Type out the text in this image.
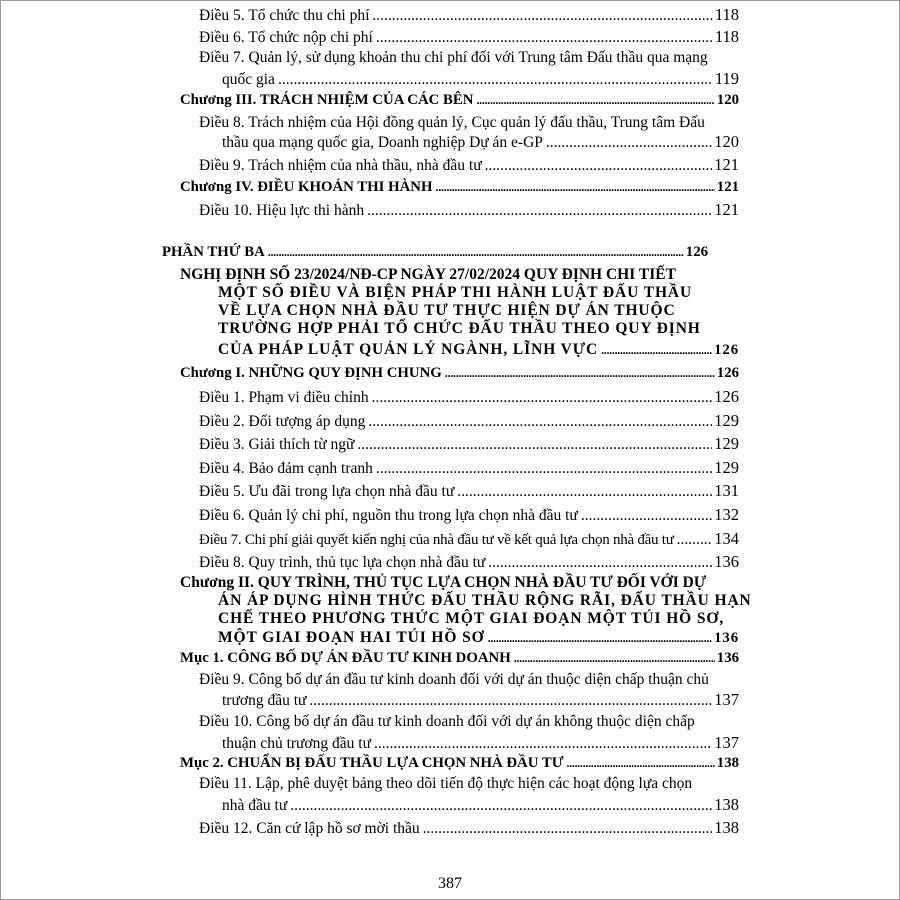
Điều 5. Tổ chức thu chi phí .....	118
Điều 6. Tổ chức nộp chi phí .....	118
Điều 7. Quản lý, sử dụng khoản thu chi phí đối với Trung tâm Đấu thầu qua mạng
quốc gia .....	119
Chương III. TRÁCH NHIỆM CỦA CÁC BÊN .....	120
Điều 8. Trách nhiệm của Hội đồng quản lý, Cục quản lý đấu thầu, Trung tâm Đấu
thầu qua mạng quốc gia, Doanh nghiệp Dự án e-GP .....	120
Điều 9. Trách nhiệm của nhà thầu, nhà đầu tư .....	121
Chương IV. ĐIỀU KHOẢN THI HÀNH .....	121
Điều 10. Hiệu lực thi hành .....	121
PHẦN THỨ BA .....	126
NGHỊ ĐỊNH SỐ 23/2024/NĐ-CP NGÀY 27/02/2024 QUY ĐỊNH CHI TIẾT
MỘT SỐ ĐIỀU VÀ BIỆN PHÁP THI HÀNH LUẬT ĐẤU THẦU
VỀ LỰA CHỌN NHÀ ĐẦU TƯ THỰC HIỆN DỰ ÁN THUỘC
TRƯỜNG HỢP PHẢI TỔ CHỨC ĐẤU THẦU THEO QUY ĐỊNH
CỦA PHÁP LUẬT QUẢN LÝ NGÀNH, LĨNH VỰC .....	126
Chương I. NHỮNG QUY ĐỊNH CHUNG .....	126
Điều 1. Phạm vi điều chỉnh .....	126
Điều 2. Đối tượng áp dụng .....	129
Điều 3. Giải thích từ ngữ .....	129
Điều 4. Bảo đảm cạnh tranh .....	129
Điều 5. Ưu đãi trong lựa chọn nhà đầu tư .....	131
Điều 6. Quản lý chi phí, nguồn thu trong lựa chọn nhà đầu tư .....	132
Điều 7. Chi phí giải quyết kiến nghị của nhà đầu tư về kết quả lựa chọn nhà đầu tư ..... 134
Điều 8. Quy trình, thủ tục lựa chọn nhà đầu tư .....	136
Chương II. QUY TRÌNH, THỦ TỤC LỰA CHỌN NHÀ ĐẦU TƯ ĐỐI VỚI DỰ
ÁN ÁP DỤNG HÌNH THỨC ĐẤU THẦU RỘNG RÃI, ĐẤU THẦU HẠN
CHẾ THEO PHƯƠNG THỨC MỘT GIAI ĐOẠN MỘT TÚI HỒ SƠ,
MỘT GIAI ĐOẠN HAI TÚI HỒ SƠ .....	136
Mục 1. CÔNG BỐ DỰ ÁN ĐẦU TƯ KINH DOANH .....	136
Điều 9. Công bố dự án đầu tư kinh doanh đối với dự án thuộc diện chấp thuận chủ
trương đầu tư .....	137
Điều 10. Công bố dự án đầu tư kinh doanh đối với dự án không thuộc diện chấp
thuận chủ trương đầu tư .....	137
Mục 2. CHUẨN BỊ ĐẤU THẦU LỰA CHỌN NHÀ ĐẦU TƯ .....	138
Điều 11. Lập, phê duyệt bảng theo dõi tiến độ thực hiện các hoạt động lựa chọn
nhà đầu tư .....	138
Điều 12. Căn cứ lập hồ sơ mời thầu .....	138
387
